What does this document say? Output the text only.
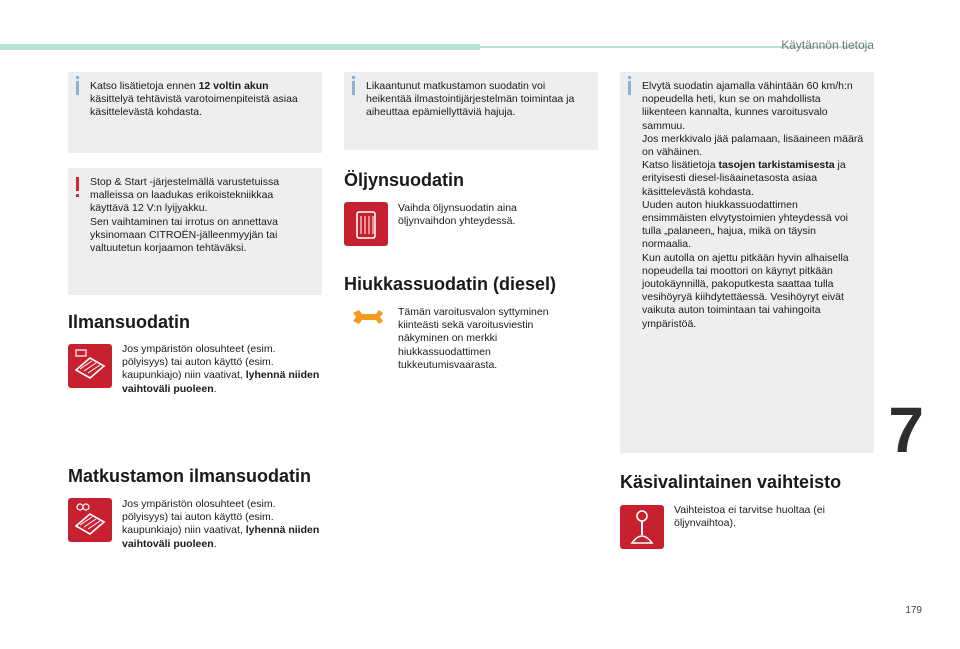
Käytännön tietoja
7
179

Katso lisätietoja ennen 12 voltin akun käsittelyä tehtävistä varotoimenpiteistä asiaa käsittelevästä kohdasta.

Stop & Start -järjestelmällä varustetuissa malleissa on laadukas erikoistekniikkaa käyttävä 12 V:n lyijyakku.
Sen vaihtaminen tai irrotus on annettava yksinomaan CITROËN-jälleenmyyjän tai valtuutetun korjaamon tehtäväksi.

Ilmansuodatin

Jos ympäristön olosuhteet (esim. pölyisyys) tai auton käyttö (esim. kaupunkiajo) niin vaativat, lyhennä niiden vaihtoväli puoleen.

Matkustamon ilmansuodatin

Jos ympäristön olosuhteet (esim. pölyisyys) tai auton käyttö (esim. kaupunkiajo) niin vaativat, lyhennä niiden vaihtoväli puoleen.

Likaantunut matkustamon suodatin voi heikentää ilmastointijärjestelmän toimintaa ja aiheuttaa epämiellyttäviä hajuja.

Öljynsuodatin

Vaihda öljynsuodatin aina öljynvaihdon yhteydessä.

Hiukkassuodatin (diesel)

Tämän varoitusvalon syttyminen kiinteästi sekä varoitusviestin näkyminen on merkki hiukkassuodattimen tukkeutumisvaarasta.

Elvytä suodatin ajamalla vähintään 60 km/h:n nopeudella heti, kun se on mahdollista liikenteen kannalta, kunnes varoitusvalo sammuu.
Jos merkkivalo jää palamaan, lisäaineen määrä on vähäinen.
Katso lisätietoja tasojen tarkistamisesta ja erityisesti diesel-lisäainetasosta asiaa käsittelevästä kohdasta.
Uuden auton hiukkassuodattimen ensimmäisten elvytystoimien yhteydessä voi tulla „palaneen„ hajua, mikä on täysin normaalia.
Kun autolla on ajettu pitkään hyvin alhaisella nopeudella tai moottori on käynyt pitkään joutokäynnillä, pakoputkesta saattaa tulla vesihöyryä kiihdytettäessä. Vesihöyryt eivät vaikuta auton toimintaan tai vahingoita ympäristöä.

Käsivalintainen vaihteisto

Vaihteistoa ei tarvitse huoltaa (ei öljynvaihtoa).
